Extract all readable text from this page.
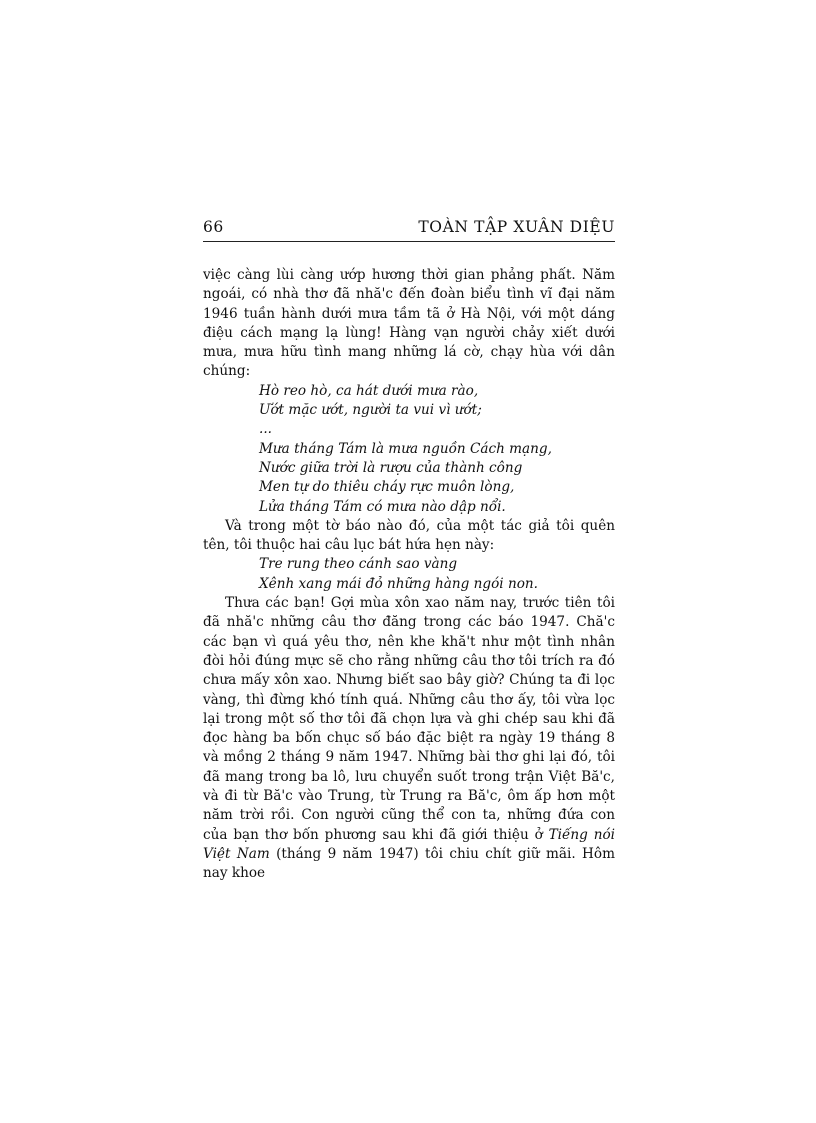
66	TOÀN TẬP XUÂN DIỆU

việc càng lùi càng ướp hương thời gian phảng phất. Năm ngoái, có nhà thơ đã nhă'c đến đoàn biểu tình vĩ đại năm 1946 tuần hành dưới mưa tầm tã ở Hà Nội, với một dáng điệu cách mạng lạ lùng! Hàng vạn người chảy xiết dưới mưa, mưa hữu tình mang những lá cờ, chạy hùa với dân chúng:

Hò reo hò, ca hát dưới mưa rào,
Ướt mặc ướt, người ta vui vì ướt;
...
Mưa tháng Tám là mưa nguồn Cách mạng,
Nước giữa trời là rượu của thành công
Men tự do thiêu cháy rực muôn lòng,
Lửa tháng Tám có mưa nào dập nổi.

Và trong một tờ báo nào đó, của một tác giả tôi quên tên, tôi thuộc hai câu lục bát hứa hẹn này:

Tre rung theo cánh sao vàng
Xênh xang mái đỏ những hàng ngói non.

Thưa các bạn! Gợi mùa xôn xao năm nay, trước tiên tôi đã nhă'c những câu thơ đăng trong các báo 1947. Chă'c các bạn vì quá yêu thơ, nên khe khă't như một tình nhân đòi hỏi đúng mực sẽ cho rằng những câu thơ tôi trích ra đó chưa mấy xôn xao. Nhưng biết sao bây giờ? Chúng ta đi lọc vàng, thì đừng khó tính quá. Những câu thơ ấy, tôi vừa lọc lại trong một số thơ tôi đã chọn lựa và ghi chép sau khi đã đọc hàng ba bốn chục số báo đặc biệt ra ngày 19 tháng 8 và mồng 2 tháng 9 năm 1947. Những bài thơ ghi lại đó, tôi đã mang trong ba lô, lưu chuyển suốt trong trận Việt Bă'c, và đi từ Bă'c vào Trung, từ Trung ra Bă'c, ôm ấp hơn một năm trời rồi. Con người cũng thể con ta, những đứa con của bạn thơ bốn phương sau khi đã giới thiệu ở Tiếng nói Việt Nam (tháng 9 năm 1947) tôi chiu chít giữ mãi. Hôm nay khoe
